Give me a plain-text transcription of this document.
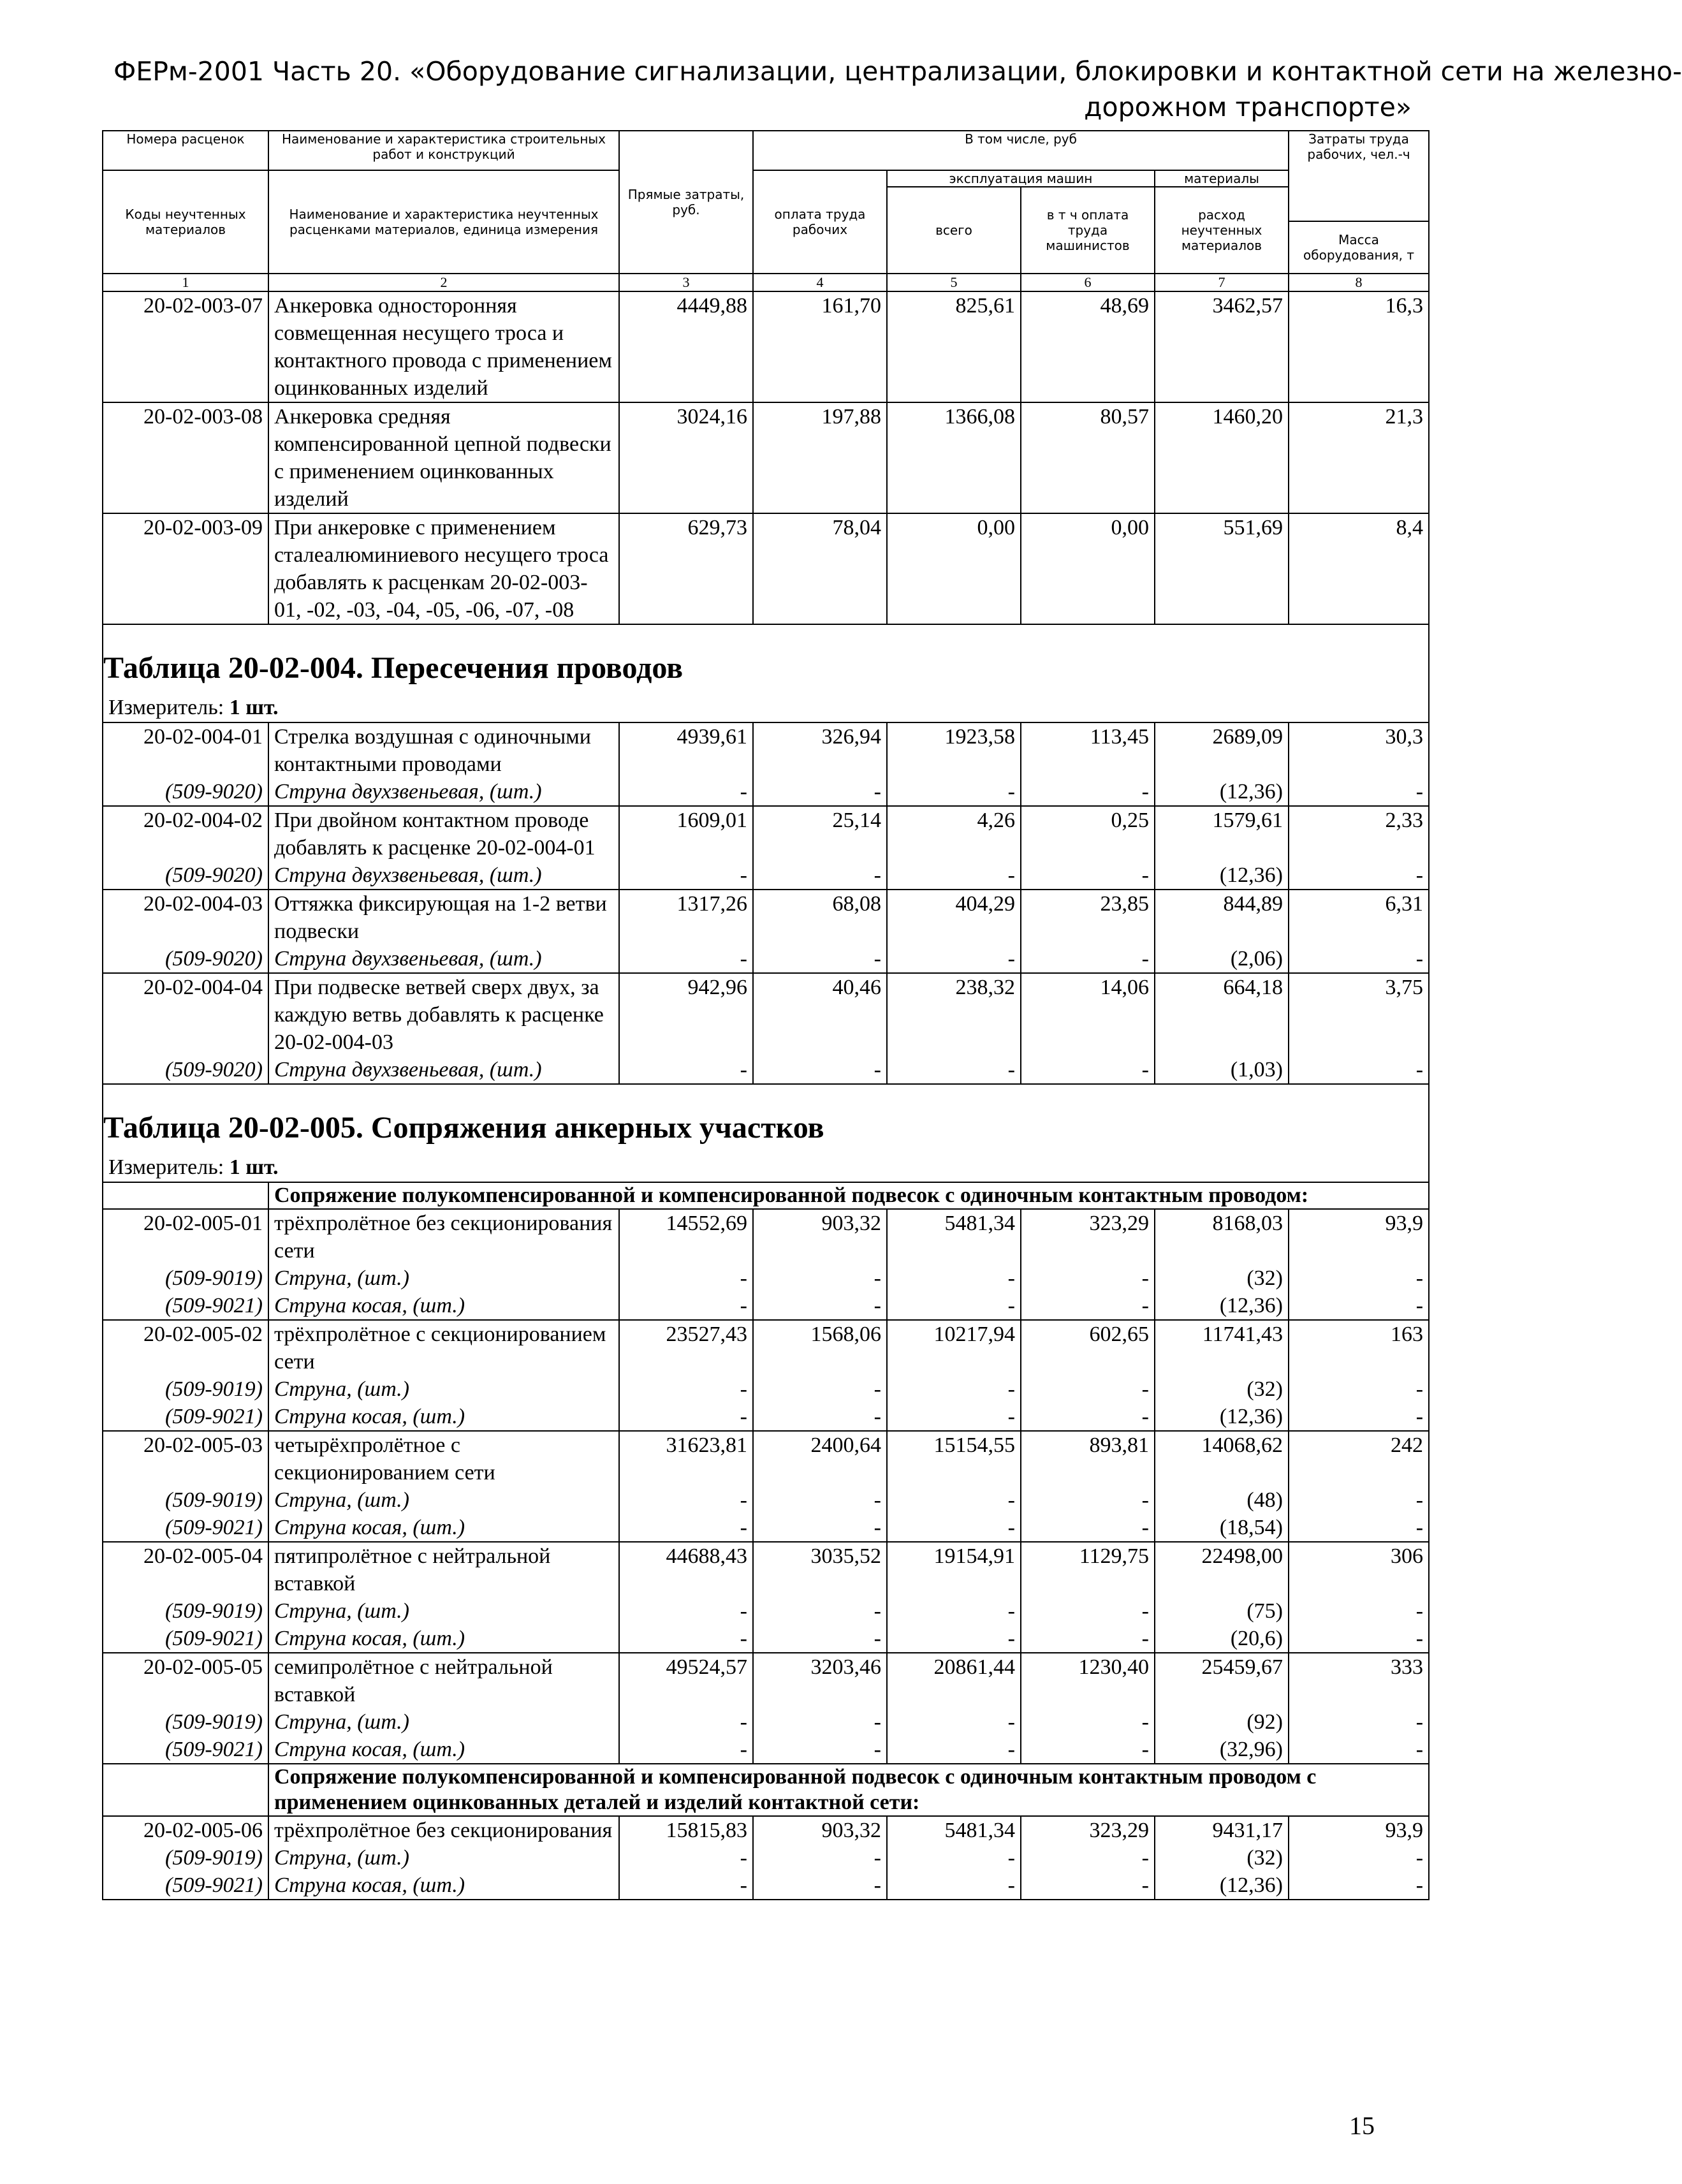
ФЕРм-2001 Часть 20. «Оборудование сигнализации, централизации, блокировки и контактной сети на железно-
дорожном транспорте»
Номера расценок	Наименование и характеристика строительных работ и конструкций	Прямые затраты, руб.	В том числе, руб				Затраты труда рабочих, чел.-ч
Коды неучтенных материалов	Наименование и характеристика неучтенных расценками материалов, единица измерения		оплата труда рабочих	эксплуатация машин		материалы	
				всего	в т ч оплата труда машинистов	расход неучтенных материалов	
							Масса оборудования, т
1	2	3	4	5	6	7	8
20-02-003-07	Анкеровка односторонняя совмещенная несущего троса и контактного провода с применением оцинкованных изделий	4449,88	161,70	825,61	48,69	3462,57	16,3
20-02-003-08	Анкеровка средняя компенсированной цепной подвески с применением оцинкованных изделий	3024,16	197,88	1366,08	80,57	1460,20	21,3
20-02-003-09	При анкеровке с применением сталеалюминиевого несущего троса добавлять к расценкам 20-02-003-01, -02, -03, -04, -05, -06, -07, -08	629,73	78,04	0,00	0,00	551,69	8,4
Таблица 20-02-004. Пересечения проводов							
Измеритель: 1 шт.							
20-02-004-01	Стрелка воздушная с одиночными контактными проводами	4939,61	326,94	1923,58	113,45	2689,09	30,3
(509-9020)	Струна двухзвеньевая, (шт.)	-	-	-	-	(12,36)	-
20-02-004-02	При двойном контактном проводе добавлять к расценке 20-02-004-01	1609,01	25,14	4,26	0,25	1579,61	2,33
(509-9020)	Струна двухзвеньевая, (шт.)	-	-	-	-	(12,36)	-
20-02-004-03	Оттяжка фиксирующая на 1-2 ветви подвески	1317,26	68,08	404,29	23,85	844,89	6,31
(509-9020)	Струна двухзвеньевая, (шт.)	-	-	-	-	(2,06)	-
20-02-004-04	При подвеске ветвей сверх двух, за каждую ветвь добавлять к расценке 20-02-004-03	942,96	40,46	238,32	14,06	664,18	3,75
(509-9020)	Струна двухзвеньевая, (шт.)	-	-	-	-	(1,03)	-
Таблица 20-02-005. Сопряжения анкерных участков							
Измеритель: 1 шт.							
	Сопряжение полукомпенсированной и компенсированной подвесок с одиночным контактным проводом:						
20-02-005-01	трёхпролётное без секционирования сети	14552,69	903,32	5481,34	323,29	8168,03	93,9
(509-9019)	Струна, (шт.)	-	-	-	-	(32)	-
(509-9021)	Струна косая, (шт.)	-	-	-	-	(12,36)	-
20-02-005-02	трёхпролётное с секционированием сети	23527,43	1568,06	10217,94	602,65	11741,43	163
(509-9019)	Струна, (шт.)	-	-	-	-	(32)	-
(509-9021)	Струна косая, (шт.)	-	-	-	-	(12,36)	-
20-02-005-03	четырёхпролётное с секционированием сети	31623,81	2400,64	15154,55	893,81	14068,62	242
(509-9019)	Струна, (шт.)	-	-	-	-	(48)	-
(509-9021)	Струна косая, (шт.)	-	-	-	-	(18,54)	-
20-02-005-04	пятипролётное с нейтральной вставкой	44688,43	3035,52	19154,91	1129,75	22498,00	306
(509-9019)	Струна, (шт.)	-	-	-	-	(75)	-
(509-9021)	Струна косая, (шт.)	-	-	-	-	(20,6)	-
20-02-005-05	семипролётное с нейтральной вставкой	49524,57	3203,46	20861,44	1230,40	25459,67	333
(509-9019)	Струна, (шт.)	-	-	-	-	(92)	-
(509-9021)	Струна косая, (шт.)	-	-	-	-	(32,96)	-
	Сопряжение полукомпенсированной и компенсированной подвесок с одиночным контактным проводом с применением оцинкованных деталей и изделий контактной сети:						
20-02-005-06	трёхпролётное без секционирования	15815,83	903,32	5481,34	323,29	9431,17	93,9
(509-9019)	Струна, (шт.)	-	-	-	-	(32)	-
(509-9021)	Струна косая, (шт.)	-	-	-	-	(12,36)	-
15
